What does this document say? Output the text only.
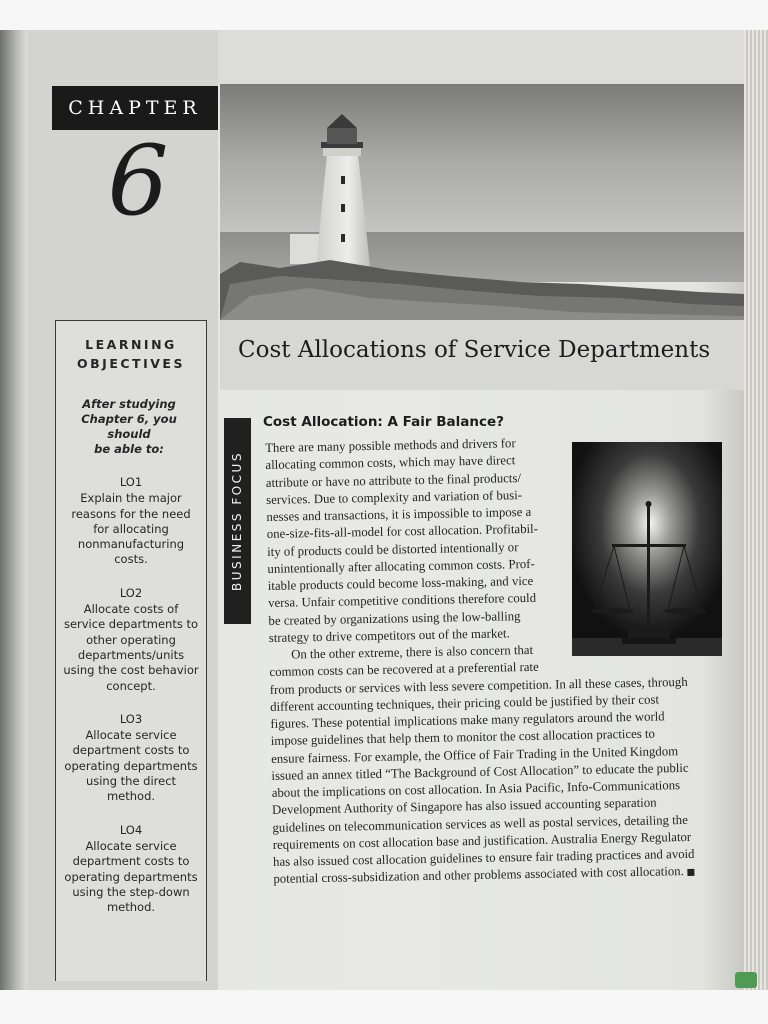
CHAPTER
6
Cost Allocations of Service Departments
LEARNING
OBJECTIVES
After studying
Chapter 6, you should
be able to:
LO1
Explain the major
reasons for the need
for allocating
nonmanufacturing
costs.
LO2
Allocate costs of
service departments to
other operating
departments/units
using the cost behavior
concept.
LO3
Allocate service
department costs to
operating departments
using the direct
method.
LO4
Allocate service
department costs to
operating departments
using the step-down
method.
BUSINESS FOCUS
Cost Allocation: A Fair Balance?
There are many possible methods and drivers for
allocating common costs, which may have direct
attribute or have no attribute to the final products/
services. Due to complexity and variation of busi-
nesses and transactions, it is impossible to impose a
one-size-fits-all-model for cost allocation. Profitabil-
ity of products could be distorted intentionally or
unintentionally after allocating common costs. Prof-
itable products could become loss-making, and vice
versa. Unfair competitive conditions therefore could
be created by organizations using the low-balling
strategy to drive competitors out of the market.
On the other extreme, there is also concern that
common costs can be recovered at a preferential rate
from products or services with less severe competition. In all these cases, through
different accounting techniques, their pricing could be justified by their cost
figures. These potential implications make many regulators around the world
impose guidelines that help them to monitor the cost allocation practices to
ensure fairness. For example, the Office of Fair Trading in the United Kingdom
issued an annex titled “The Background of Cost Allocation” to educate the public
about the implications on cost allocation. In Asia Pacific, Info-Communications
Development Authority of Singapore has also issued accounting separation
guidelines on telecommunication services as well as postal services, detailing the
requirements on cost allocation base and justification. Australia Energy Regulator
has also issued cost allocation guidelines to ensure fair trading practices and avoid
potential cross-subsidization and other problems associated with cost allocation.
